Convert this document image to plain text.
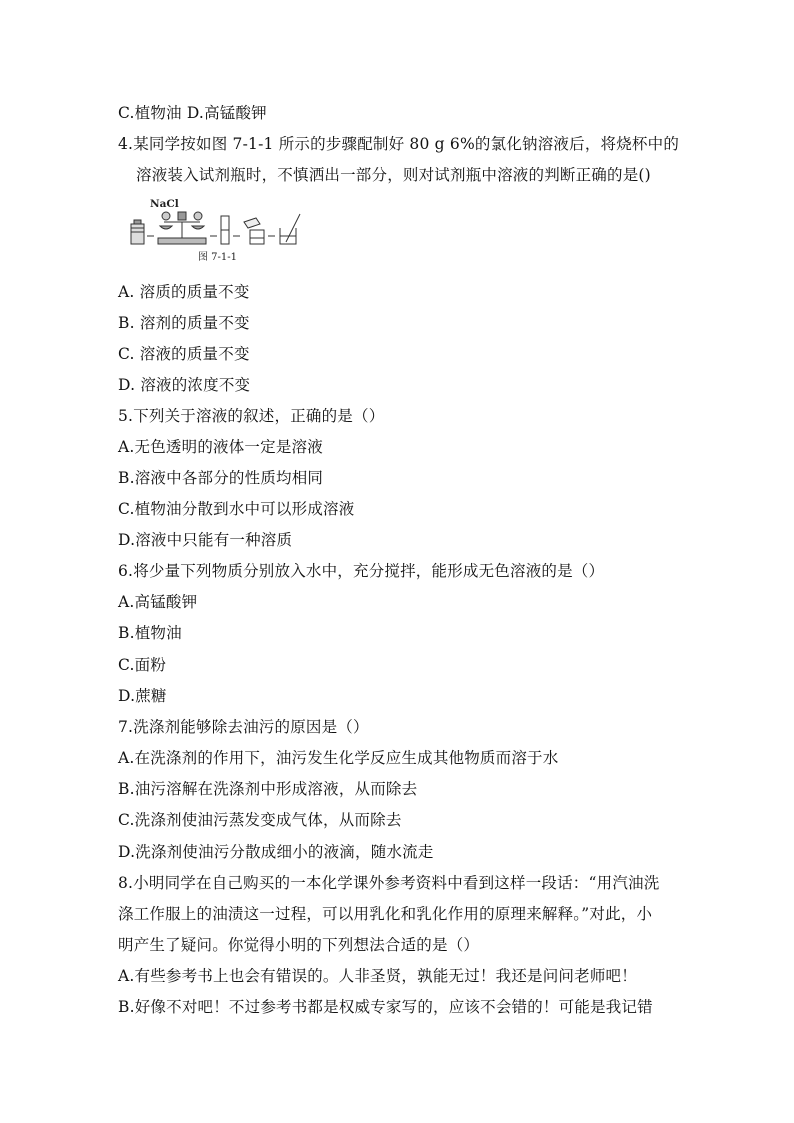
C.植物油 D.高锰酸钾
4.某同学按如图 7-1-1 所示的步骤配制好 80 g 6%的氯化钠溶液后，将烧杯中的
溶液装入试剂瓶时，不慎洒出一部分，则对试剂瓶中溶液的判断正确的是()
NaCl
图 7-1-1
A. 溶质的质量不变
B. 溶剂的质量不变
C. 溶液的质量不变
D. 溶液的浓度不变
5.下列关于溶液的叙述，正确的是（）
A.无色透明的液体一定是溶液
B.溶液中各部分的性质均相同
C.植物油分散到水中可以形成溶液
D.溶液中只能有一种溶质
6.将少量下列物质分别放入水中，充分搅拌，能形成无色溶液的是（）
A.高锰酸钾
B.植物油
C.面粉
D.蔗糖
7.洗涤剂能够除去油污的原因是（）
A.在洗涤剂的作用下，油污发生化学反应生成其他物质而溶于水
B.油污溶解在洗涤剂中形成溶液，从而除去
C.洗涤剂使油污蒸发变成气体，从而除去
D.洗涤剂使油污分散成细小的液滴，随水流走
8.小明同学在自己购买的一本化学课外参考资料中看到这样一段话：“用汽油洗
涤工作服上的油渍这一过程，可以用乳化和乳化作用的原理来解释。”对此，小
明产生了疑问。你觉得小明的下列想法合适的是（）
A.有些参考书上也会有错误的。人非圣贤，孰能无过！我还是问问老师吧！
B.好像不对吧！不过参考书都是权威专家写的，应该不会错的！可能是我记错
